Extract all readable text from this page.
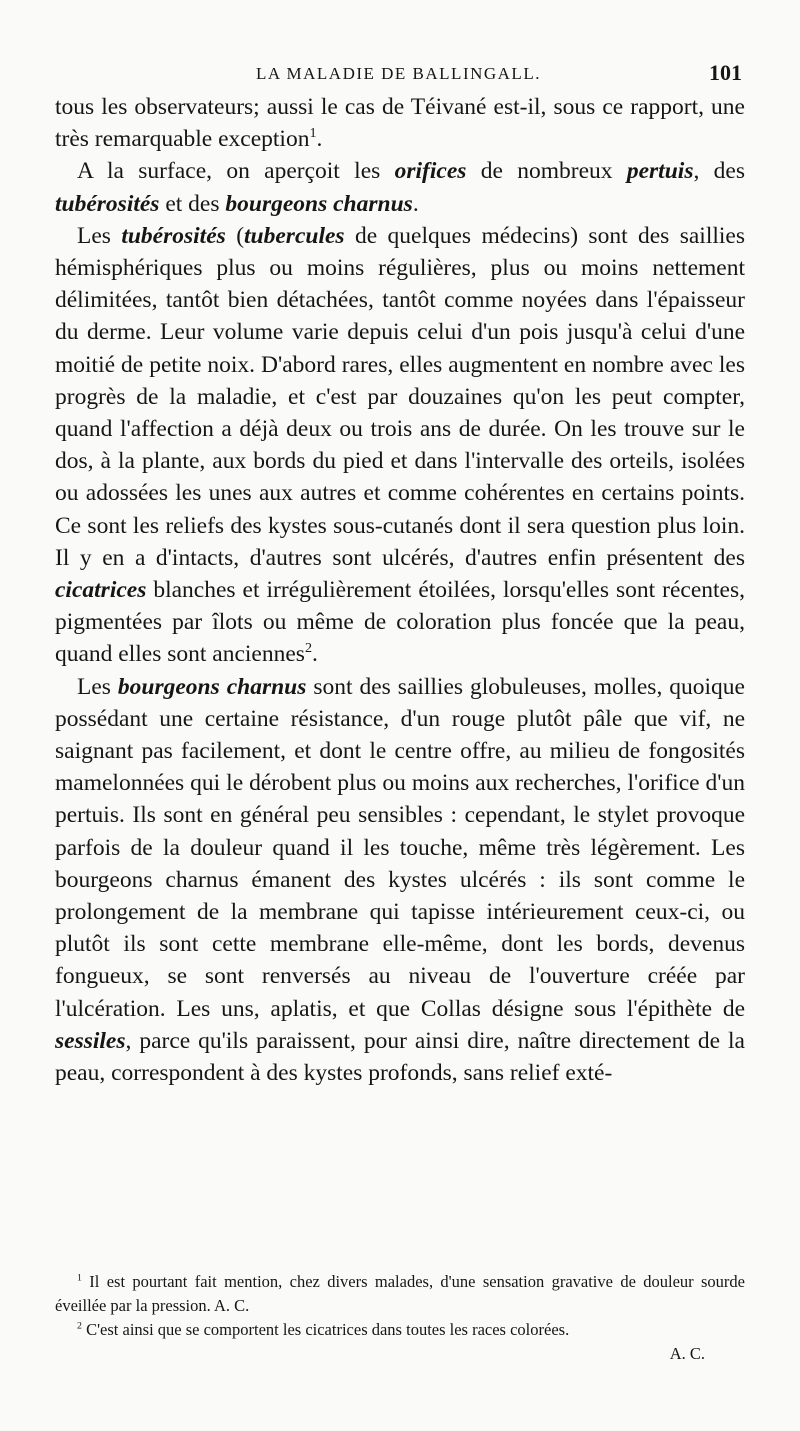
LA MALADIE DE BALLINGALL.	101

tous les observateurs; aussi le cas de Téivané est-il, sous ce rapport, une très remarquable exception$^1$.

A la surface, on aperçoit les orifices de nombreux pertuis, des tubérosités et des bourgeons charnus.

Les tubérosités (tubercules de quelques médecins) sont des saillies hémisphériques plus ou moins régulières, plus ou moins nettement délimitées, tantôt bien détachées, tantôt comme noyées dans l'épaisseur du derme. Leur volume varie depuis celui d'un pois jusqu'à celui d'une moitié de petite noix. D'abord rares, elles augmentent en nombre avec les progrès de la maladie, et c'est par douzaines qu'on les peut compter, quand l'affection a déjà deux ou trois ans de durée. On les trouve sur le dos, à la plante, aux bords du pied et dans l'intervalle des orteils, isolées ou adossées les unes aux autres et comme cohérentes en certains points. Ce sont les reliefs des kystes sous-cutanés dont il sera question plus loin. Il y en a d'intacts, d'autres sont ulcérés, d'autres enfin présentent des cicatrices blanches et irrégulièrement étoilées, lorsqu'elles sont récentes, pigmentées par îlots ou même de coloration plus foncée que la peau, quand elles sont anciennes$^2$.

Les bourgeons charnus sont des saillies globuleuses, molles, quoique possédant une certaine résistance, d'un rouge plutôt pâle que vif, ne saignant pas facilement, et dont le centre offre, au milieu de fongosités mamelonnées qui le dérobent plus ou moins aux recherches, l'orifice d'un pertuis. Ils sont en général peu sensibles : cependant, le stylet provoque parfois de la douleur quand il les touche, même très légèrement. Les bourgeons charnus émanent des kystes ulcérés : ils sont comme le prolongement de la membrane qui tapisse intérieurement ceux-ci, ou plutôt ils sont cette membrane elle-même, dont les bords, devenus fongueux, se sont renversés au niveau de l'ouverture créée par l'ulcération. Les uns, aplatis, et que Collas désigne sous l'épithète de sessiles, parce qu'ils paraissent, pour ainsi dire, naître directement de la peau, correspondent à des kystes profonds, sans relief exté-

$^1$ Il est pourtant fait mention, chez divers malades, d'une sensation gravative de douleur sourde éveillée par la pression. A. C.

$^2$ C'est ainsi que se comportent les cicatrices dans toutes les races colorées.

A. C.
